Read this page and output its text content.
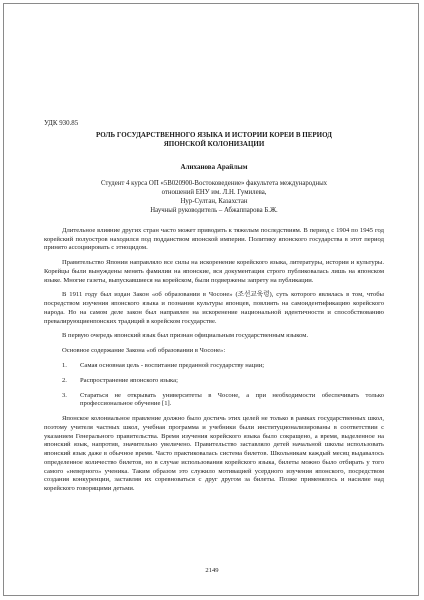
УДК 930.85

РОЛЬ ГОСУДАРСТВЕННОГО ЯЗЫКА И ИСТОРИИ КОРЕИ В ПЕРИОД
ЯПОНСКОЙ КОЛОНИЗАЦИИ

Алиханова Арайлым

Студент 4 курса ОП «5В020900-Востоковедение» факультета международных
отношений ЕНУ им. Л.Н. Гумилева,
Нур-Султан, Казахстан
Научный руководитель – Абжаппарова Б.Ж.

Длительное влияние других стран часто может приводить к тяжелым последствиям. В период с 1904 по 1945 год корейский полуостров находился под подданством японской империи. Политику японского государства в этот период принято ассоциировать с этноцидом.

Правительство Японии направляло все силы на искоренение корейского языка, литературы, истории и культуры. Корейцы были вынуждены менять фамилии на японские, вся документация строго публиковалась лишь на японском языке. Многие газеты, выпускавшиеся на корейском, были подвержены запрету на публикации.

В 1911 году был издан Закон «об образовании в Чосоне» (조선교육령), суть которого являлась в том, чтобы посредством изучения японского языка и познания культуры японцев, повлиять на самоидентификацию корейского народа. Но на самом деле закон был направлен на искоренение национальной идентичности и способствованию превалирующиенпонских традиций в корейском государстве.

В первую очередь японский язык был признан официальным государственным языком.

Основное содержание Закона «об образовании в Чосоне»:

1.	Самая основная цель - воспитание преданной государству нации;
2.	Распространение японского языка;
3.	Стараться не открывать университеты в Чосоне, а при необходимости обеспечивать только профессиональное обучение [1].

Японское колониальное правление должно было достичь этих целей не только в рамках государственных школ, поэтому учителя частных школ, учебная программа и учебники были институционализированы в соответствии с указанием Генерального правительства. Время изучения корейского языка было сокращено, а время, выделенное на японский язык, напротив, значительно увеличено. Правительство заставляло детей начальной школы использовать японский язык даже в обычное время. Часто практиковалась система билетов. Школьникам каждый месяц выдавалось определенное количество билетов, но в случае использования корейского языка, билеты можно было отбирать у того самого «неверного» ученика. Таким образом это служило мотивацией усердного изучения японского, посредством создания конкуренции, заставляя их соревноваться с друг другом за билеты. Позже применялось и насилие над корейского говорящими детьми.

2149
